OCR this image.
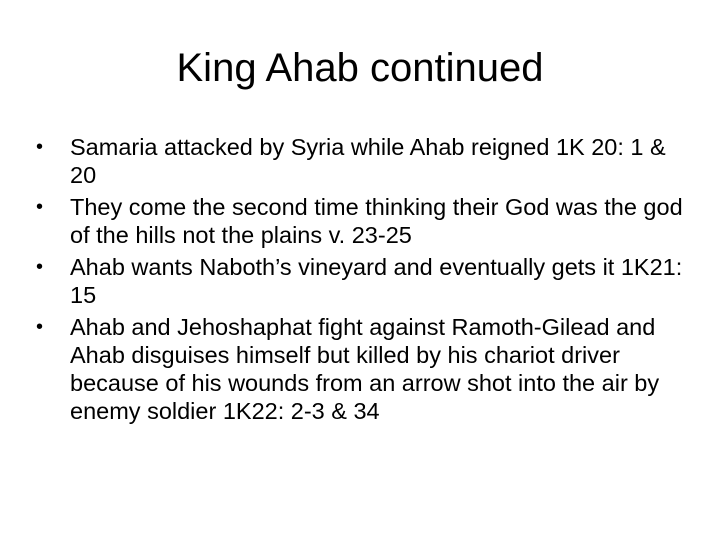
King Ahab continued
•	Samaria attacked by Syria while Ahab reigned 1K 20: 1 & 20
•	They come the second time thinking their God was the god of the hills not the plains v. 23-25
•	Ahab wants Naboth’s vineyard and eventually gets it 1K21: 15
•	Ahab and Jehoshaphat fight against Ramoth-Gilead and Ahab disguises himself but killed by his chariot driver because of his wounds from an arrow shot into the air by enemy soldier 1K22: 2-3 & 34
